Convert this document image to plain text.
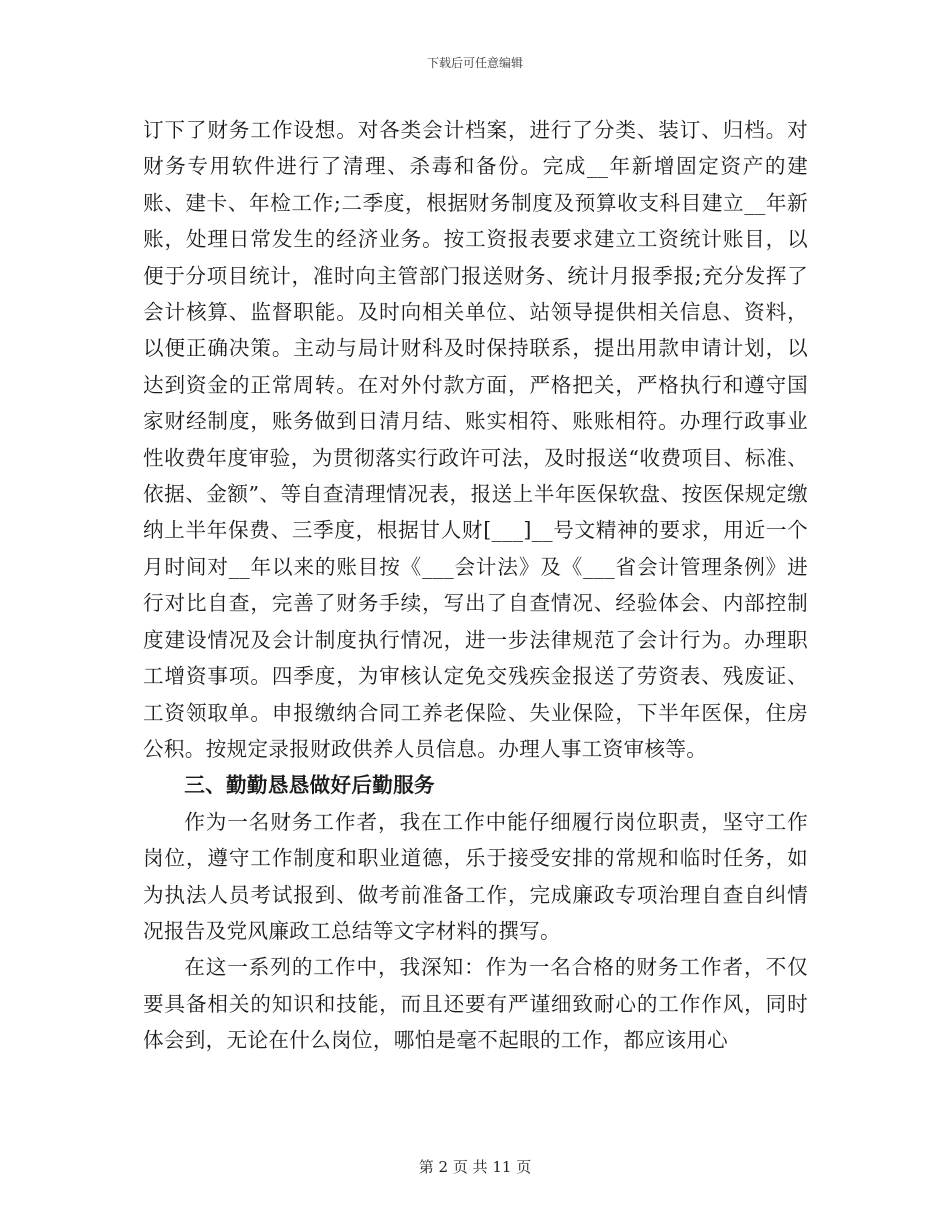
下载后可任意编辑

订下了财务工作设想。对各类会计档案，进行了分类、装订、归档。对财务专用软件进行了清理、杀毒和备份。完成__年新增固定资产的建账、建卡、年检工作;二季度，根据财务制度及预算收支科目建立__年新账，处理日常发生的经济业务。按工资报表要求建立工资统计账目，以便于分项目统计，准时向主管部门报送财务、统计月报季报;充分发挥了会计核算、监督职能。及时向相关单位、站领导提供相关信息、资料，以便正确决策。主动与局计财科及时保持联系，提出用款申请计划，以达到资金的正常周转。在对外付款方面，严格把关，严格执行和遵守国家财经制度，账务做到日清月结、账实相符、账账相符。办理行政事业性收费年度审验，为贯彻落实行政许可法，及时报送“收费项目、标准、依据、金额”、等自查清理情况表，报送上半年医保软盘、按医保规定缴纳上半年保费、三季度，根据甘人财[___]__号文精神的要求，用近一个月时间对__年以来的账目按《___会计法》及《___省会计管理条例》进行对比自查，完善了财务手续，写出了自查情况、经验体会、内部控制度建设情况及会计制度执行情况，进一步法律规范了会计行为。办理职工增资事项。四季度，为审核认定免交残疾金报送了劳资表、残废证、工资领取单。申报缴纳合同工养老保险、失业保险，下半年医保，住房公积。按规定录报财政供养人员信息。办理人事工资审核等。

三、勤勤恳恳做好后勤服务

作为一名财务工作者，我在工作中能仔细履行岗位职责，坚守工作岗位，遵守工作制度和职业道德，乐于接受安排的常规和临时任务，如为执法人员考试报到、做考前准备工作，完成廉政专项治理自查自纠情况报告及党风廉政工总结等文字材料的撰写。

在这一系列的工作中，我深知：作为一名合格的财务工作者，不仅要具备相关的知识和技能，而且还要有严谨细致耐心的工作作风，同时体会到，无论在什么岗位，哪怕是毫不起眼的工作，都应该用心

第 2 页 共 11 页
